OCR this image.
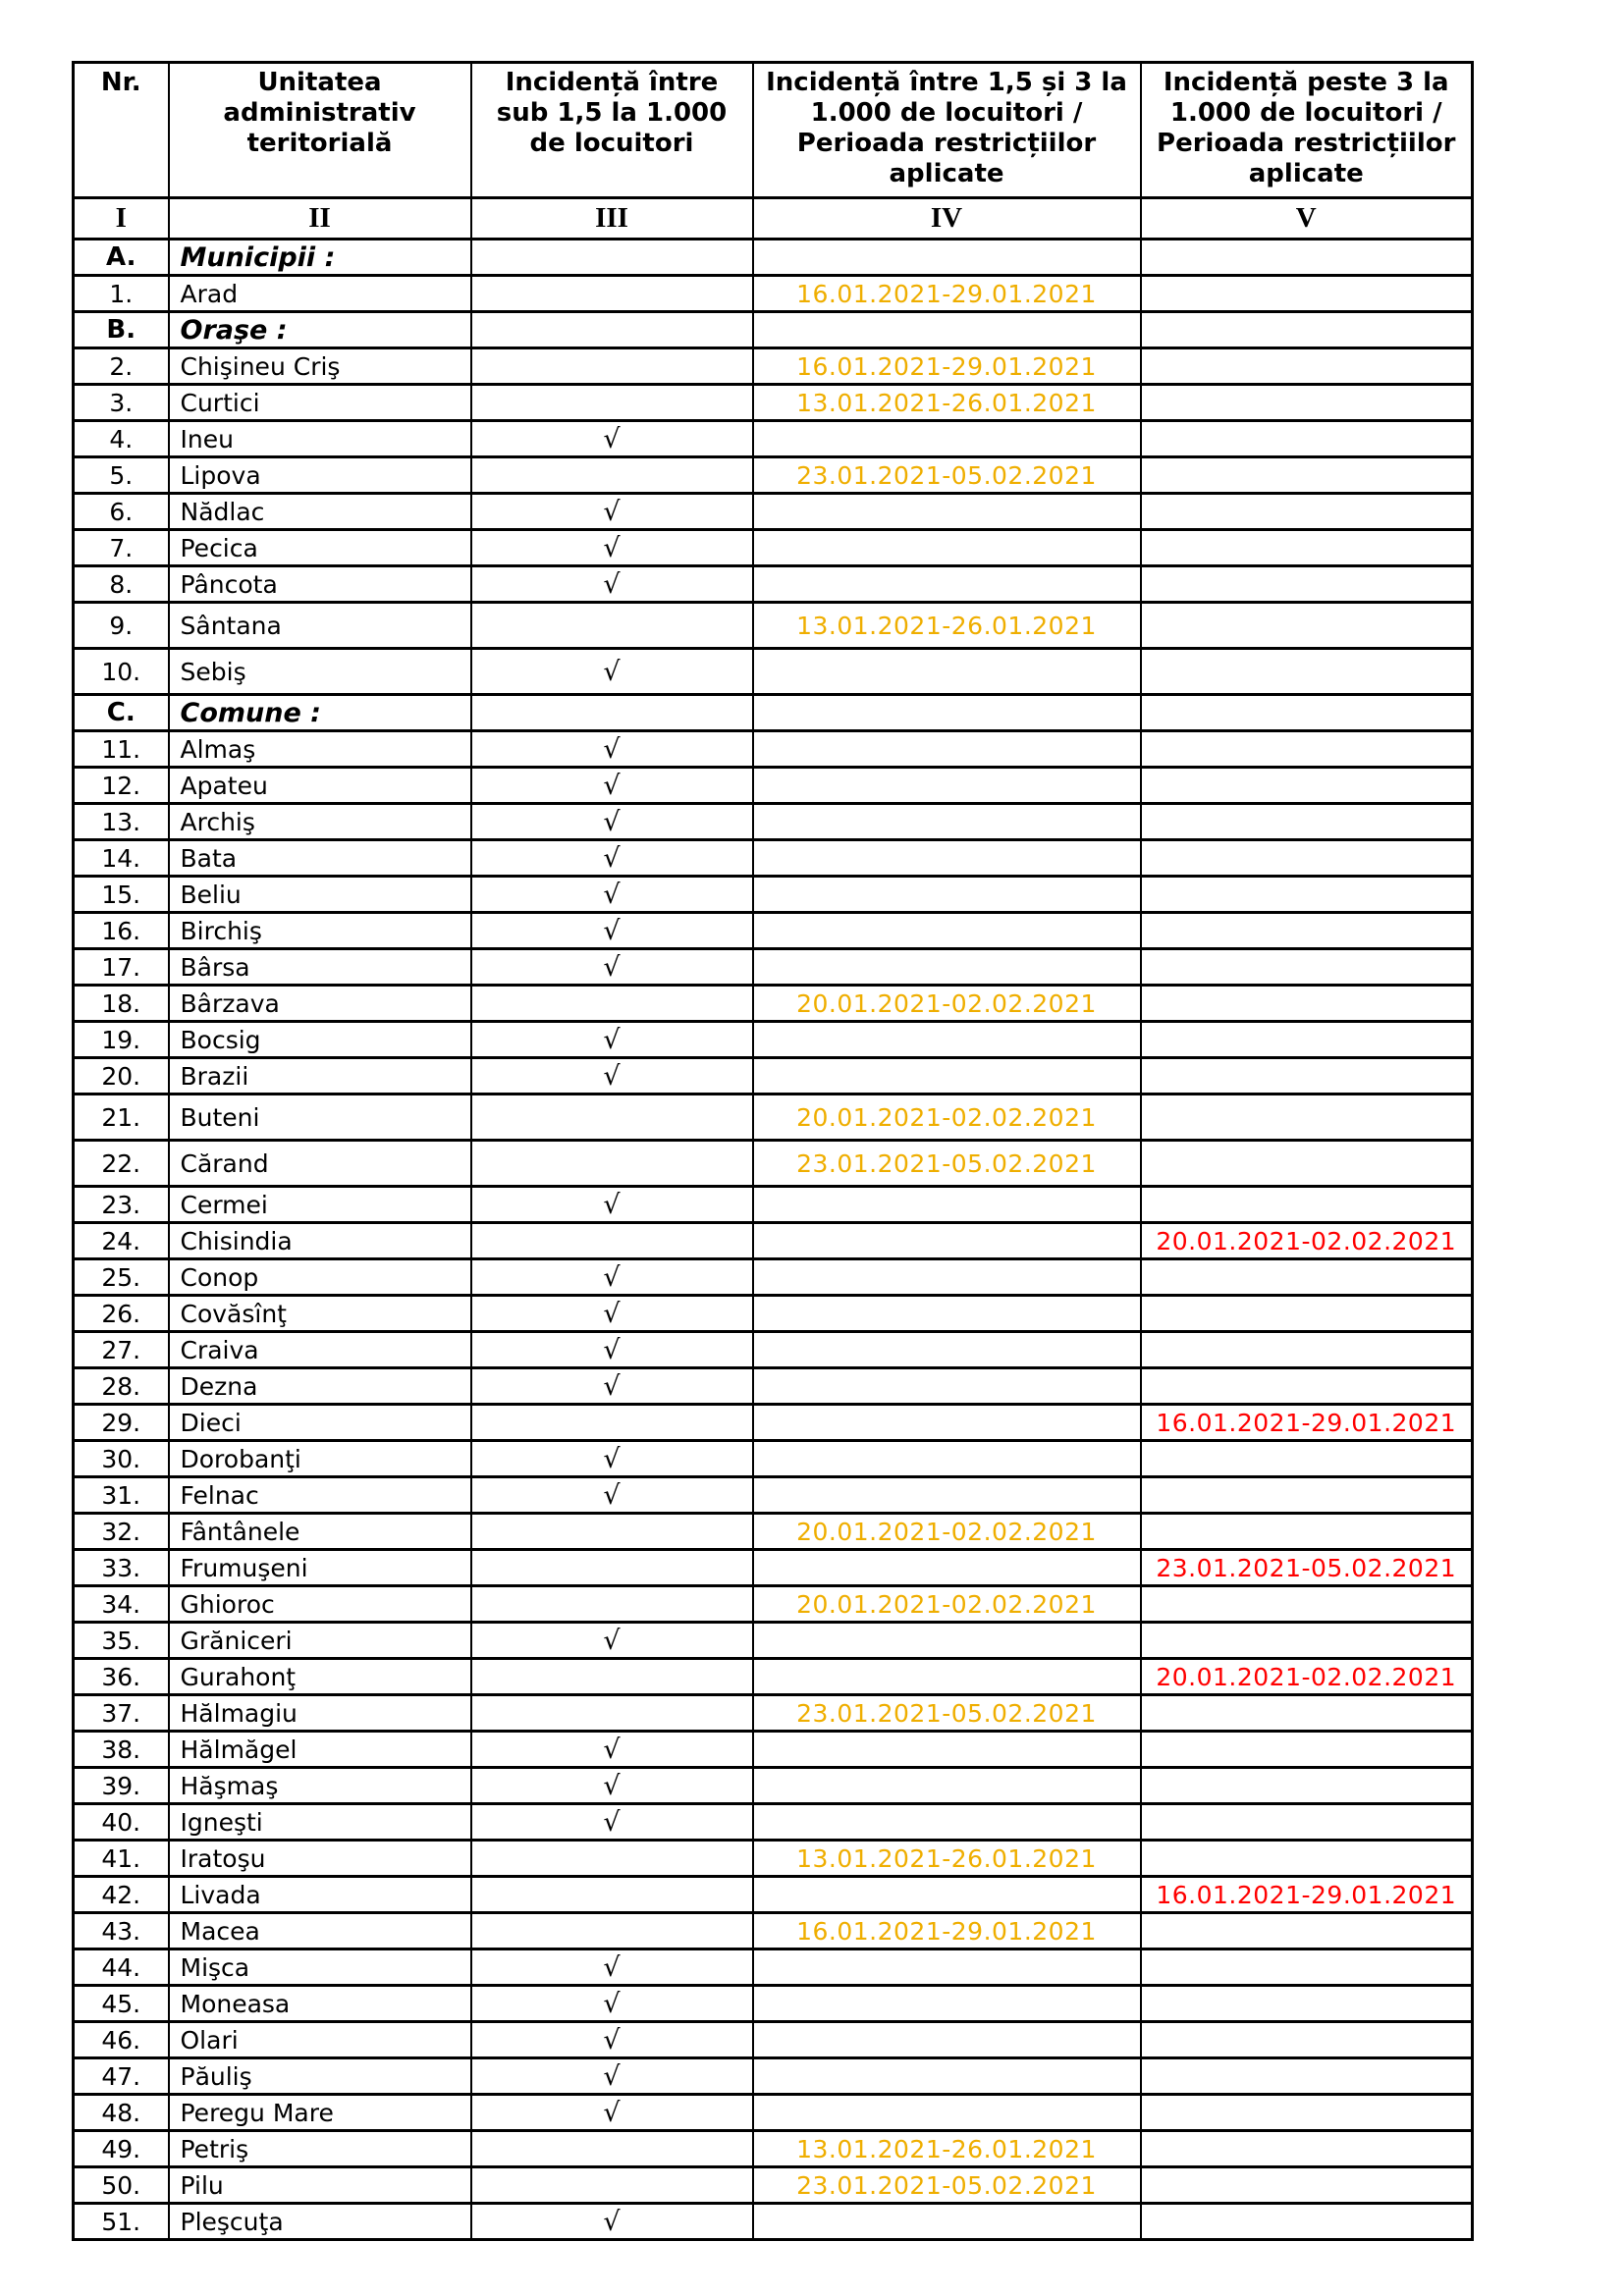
Nr.	Unitatea administrativ teritorială	Incidență între sub 1,5 la 1.000 de locuitori	Incidență între 1,5 și 3 la 1.000 de locuitori / Perioada restricțiilor aplicate	Incidență peste 3 la 1.000 de locuitori / Perioada restricțiilor aplicate
I	II	III	IV	V
A.	Municipii :			
1.	Arad		16.01.2021-29.01.2021	
B.	Oraşe :			
2.	Chişineu Criş		16.01.2021-29.01.2021	
3.	Curtici		13.01.2021-26.01.2021	
4.	Ineu	√		
5.	Lipova		23.01.2021-05.02.2021	
6.	Nădlac	√		
7.	Pecica	√		
8.	Pâncota	√		
9.	Sântana		13.01.2021-26.01.2021	
10.	Sebiş	√		
C.	Comune :			
11.	Almaş	√		
12.	Apateu	√		
13.	Archiş	√		
14.	Bata	√		
15.	Beliu	√		
16.	Birchiş	√		
17.	Bârsa	√		
18.	Bârzava		20.01.2021-02.02.2021	
19.	Bocsig	√		
20.	Brazii	√		
21.	Buteni		20.01.2021-02.02.2021	
22.	Cărand		23.01.2021-05.02.2021	
23.	Cermei	√		
24.	Chisindia			20.01.2021-02.02.2021
25.	Conop	√		
26.	Covăsînţ	√		
27.	Craiva	√		
28.	Dezna	√		
29.	Dieci			16.01.2021-29.01.2021
30.	Dorobanţi	√		
31.	Felnac	√		
32.	Fântânele		20.01.2021-02.02.2021	
33.	Frumuşeni			23.01.2021-05.02.2021
34.	Ghioroc		20.01.2021-02.02.2021	
35.	Grăniceri	√		
36.	Gurahonţ			20.01.2021-02.02.2021
37.	Hălmagiu		23.01.2021-05.02.2021	
38.	Hălmăgel	√		
39.	Hăşmaş	√		
40.	Igneşti	√		
41.	Iratoşu		13.01.2021-26.01.2021	
42.	Livada			16.01.2021-29.01.2021
43.	Macea		16.01.2021-29.01.2021	
44.	Mişca	√		
45.	Moneasa	√		
46.	Olari	√		
47.	Păuliş	√		
48.	Peregu Mare	√		
49.	Petriş		13.01.2021-26.01.2021	
50.	Pilu		23.01.2021-05.02.2021	
51.	Pleşcuţa	√		
